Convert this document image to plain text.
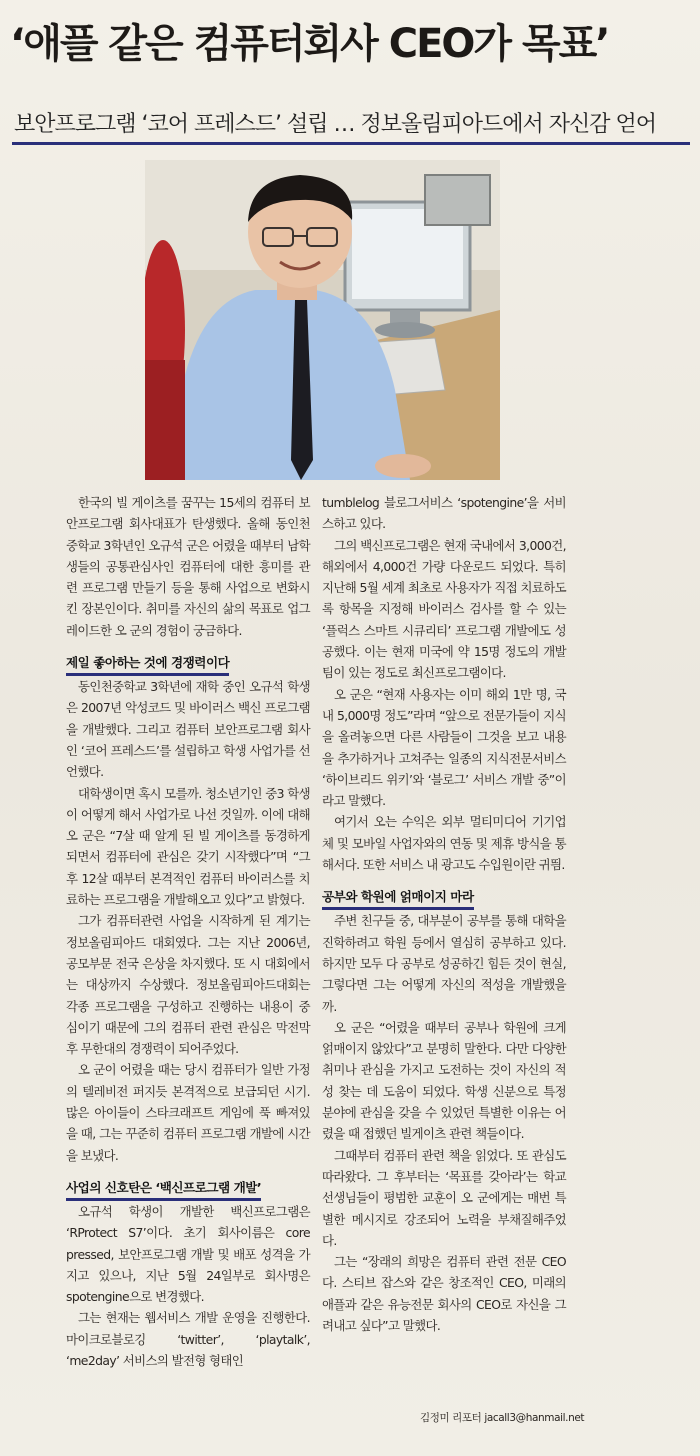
‘애플 같은 컴퓨터회사 CEO가 목표’
보안프로그램 ‘코어 프레스드’ 설립 … 정보올림피아드에서 자신감 얻어

한국의 빌 게이츠를 꿈꾸는 15세의 컴퓨터 보안프로그램 회사대표가 탄생했다. 올해 동인천중학교 3학년인 오규석 군은 어렸을 때부터 남학생들의 공통관심사인 컴퓨터에 대한 흥미를 관련 프로그램 만들기 등을 통해 사업으로 변화시킨 장본인이다. 취미를 자신의 삶의 목표로 업그레이드한 오 군의 경험이 궁금하다.

제일 좋아하는 것에 경쟁력이다

동인천중학교 3학년에 재학 중인 오규석 학생은 2007년 악성코드 및 바이러스 백신 프로그램을 개발했다. 그리고 컴퓨터 보안프로그램 회사인 ‘코어 프레스드’를 설립하고 학생 사업가를 선언했다.

대학생이면 혹시 모를까. 청소년기인 중3 학생이 어떻게 해서 사업가로 나선 것일까. 이에 대해 오 군은 “7살 때 알게 된 빌 게이츠를 동경하게 되면서 컴퓨터에 관심은 갖기 시작했다”며 “그 후 12살 때부터 본격적인 컴퓨터 바이러스를 치료하는 프로그램을 개발해오고 있다”고 밝혔다.

그가 컴퓨터관련 사업을 시작하게 된 계기는 정보올림피아드 대회였다. 그는 지난 2006년, 공모부문 전국 은상을 차지했다. 또 시 대회에서는 대상까지 수상했다. 정보올림피아드대회는 각종 프로그램을 구성하고 진행하는 내용이 중심이기 때문에 그의 컴퓨터 관련 관심은 막전막후 무한대의 경쟁력이 되어주었다.

오 군이 어렸을 때는 당시 컴퓨터가 일반 가정의 텔레비전 퍼지듯 본격적으로 보급되던 시기. 많은 아이들이 스타크래프트 게임에 푹 빠져있을 때, 그는 꾸준히 컴퓨터 프로그램 개발에 시간을 보냈다.

사업의 신호탄은 ‘백신프로그램 개발’

오규석 학생이 개발한 백신프로그램은 ‘RProtect S7’이다. 초기 회사이름은 core pressed, 보안프로그램 개발 및 배포 성격을 가지고 있으나, 지난 5월 24일부로 회사명은 spotengine으로 변경했다.

그는 현재는 웹서비스 개발 운영을 진행한다. 마이크로블로깅 ‘twitter’, ‘playtalk’, ‘me2day’ 서비스의 발전형 형태인

tumblelog 블로그서비스 ‘spotengine’을 서비스하고 있다.

그의 백신프로그램은 현재 국내에서 3,000건, 해외에서 4,000건 가량 다운로드 되었다. 특히 지난해 5월 세계 최초로 사용자가 직접 치료하도록 항목을 지정해 바이러스 검사를 할 수 있는 ‘플럭스 스마트 시큐리티’ 프로그램 개발에도 성공했다. 이는 현재 미국에 약 15명 정도의 개발팀이 있는 정도로 최신프로그램이다.

오 군은 “현재 사용자는 이미 해외 1만 명, 국내 5,000명 정도”라며 “앞으로 전문가들이 지식을 올려놓으면 다른 사람들이 그것을 보고 내용을 추가하거나 고쳐주는 일종의 지식전문서비스 ‘하이브리드 위키’와 ‘블로그’ 서비스 개발 중”이라고 말했다.

여기서 오는 수익은 외부 멀티미디어 기기업체 및 모바일 사업자와의 연동 및 제휴 방식을 통해서다. 또한 서비스 내 광고도 수입원이란 귀띔.

공부와 학원에 얽매이지 마라

주변 친구들 중, 대부분이 공부를 통해 대학을 진학하려고 학원 등에서 열심히 공부하고 있다. 하지만 모두 다 공부로 성공하긴 힘든 것이 현실, 그렇다면 그는 어떻게 자신의 적성을 개발했을까.

오 군은 “어렸을 때부터 공부나 학원에 크게 얽매이지 않았다”고 분명히 말한다. 다만 다양한 취미나 관심을 가지고 도전하는 것이 자신의 적성 찾는 데 도움이 되었다. 학생 신분으로 특정 분야에 관심을 갖을 수 있었던 특별한 이유는 어렸을 때 접했던 빌게이츠 관련 책들이다.

그때부터 컴퓨터 관련 책을 읽었다. 또 관심도 따라왔다. 그 후부터는 ‘목표를 갖아라’는 학교 선생님들이 평범한 교훈이 오 군에게는 매번 특별한 메시지로 강조되어 노력을 부채질해주었다.

그는 “장래의 희망은 컴퓨터 관련 전문 CEO다. 스티브 잡스와 같은 창조적인 CEO, 미래의 애플과 같은 유능전문 회사의 CEO로 자신을 그려내고 싶다”고 말했다.

김정미 리포터 jacall3@hanmail.net
